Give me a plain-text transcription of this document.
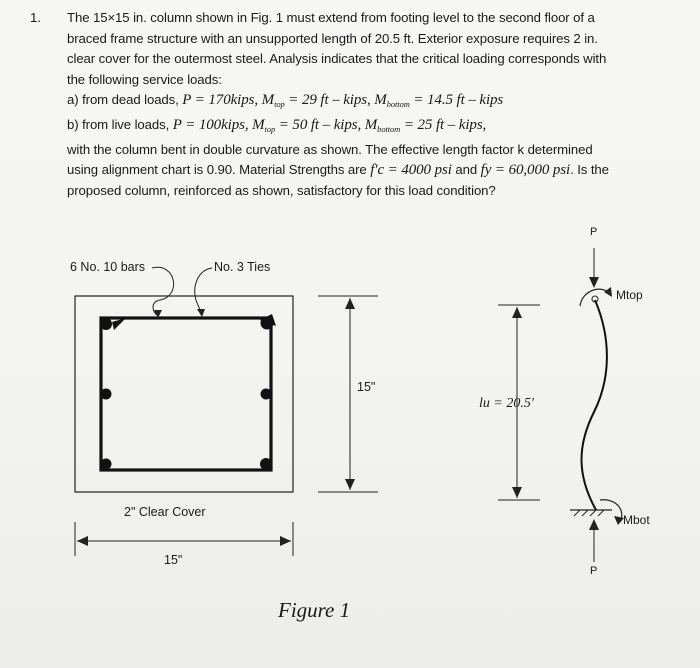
1. The 15×15 in. column shown in Fig. 1 must extend from footing level to the second floor of a
braced frame structure with an unsupported length of 20.5 ft. Exterior exposure requires 2 in.
clear cover for the outermost steel. Analysis indicates that the critical loading corresponds with
the following service loads:
a) from dead loads, P = 170kips, $M_{top} = 29$ ft – kips, $M_{bottom} = 14.5$ ft – kips
b) from live loads, P = 100kips, $M_{top} = 50$ ft – kips, $M_{bottom} = 25$ ft – kips,
with the column bent in double curvature as shown. The effective length factor k determined
using alignment chart is 0.90. Material Strengths are f′c = 4000 psi and fy = 60,000 psi. Is the
proposed column, reinforced as shown, satisfactory for this load condition?
6 No. 10 bars	No. 3 Ties
15"
2" Clear Cover
15"
lu = 20.5′
P
Mtop
Mbot
P
Figure 1
